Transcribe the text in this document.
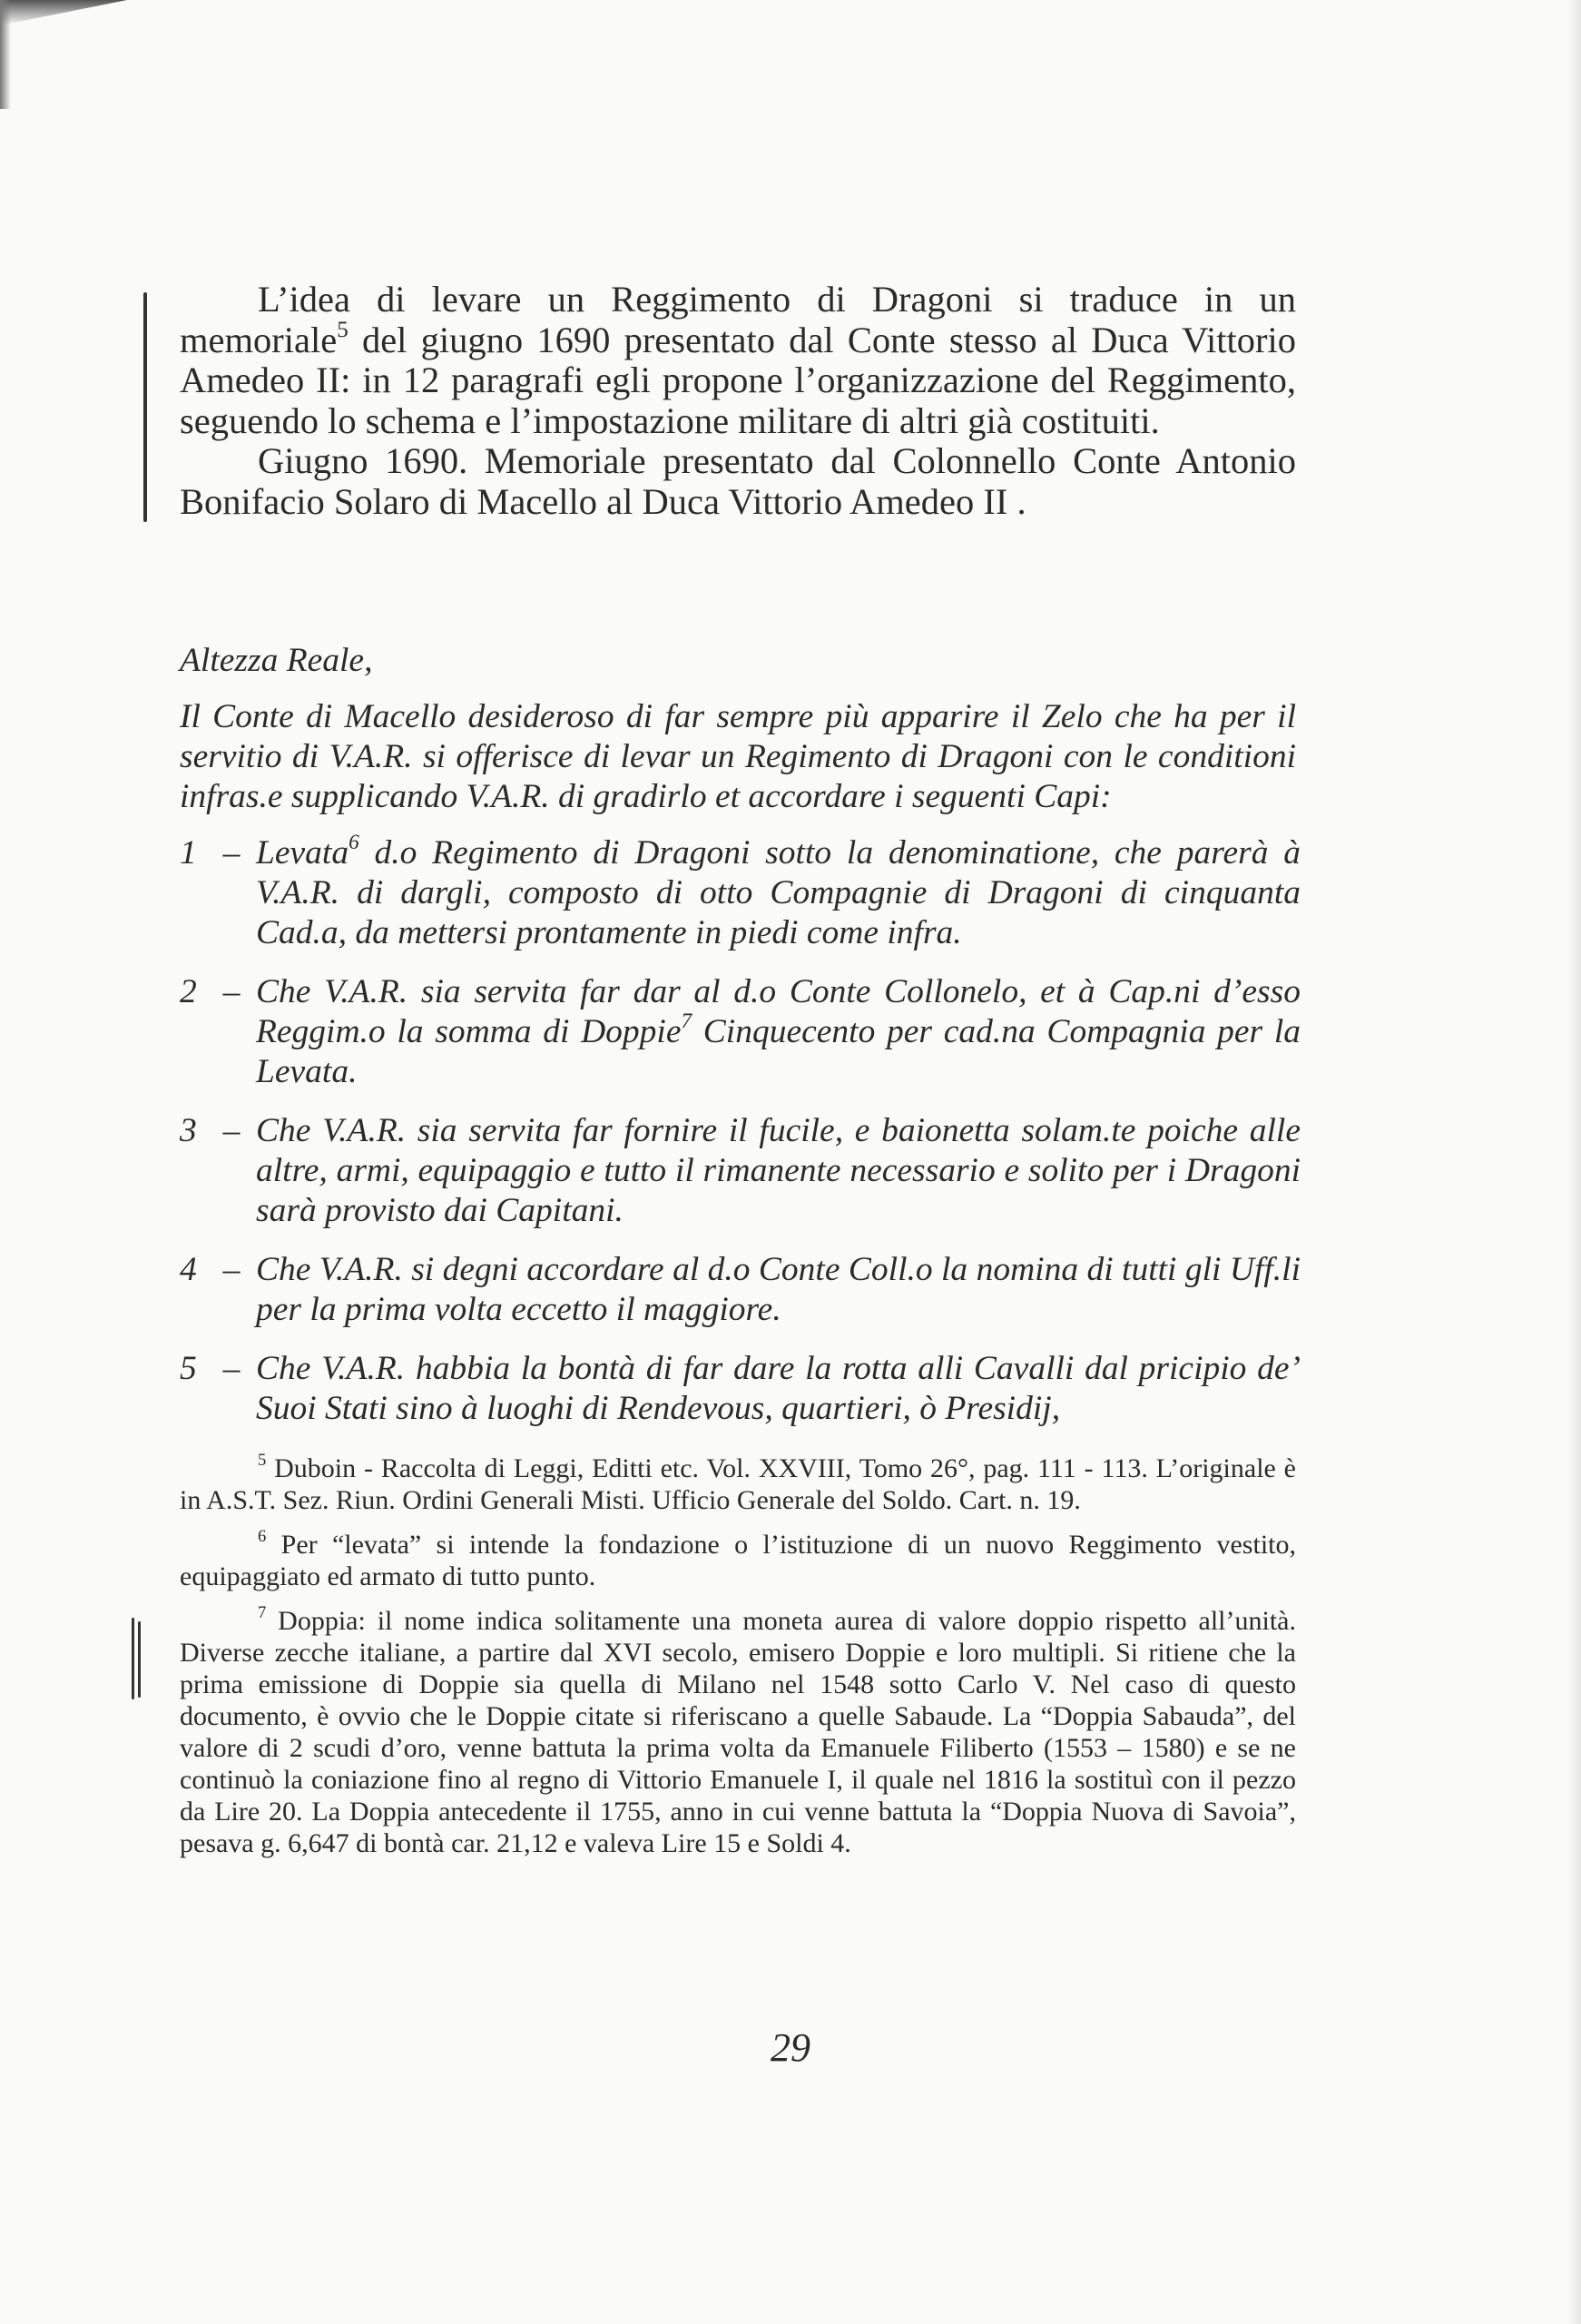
L’idea di levare un Reggimento di Dragoni si traduce in un memoriale$^5$ del giugno 1690 presentato dal Conte stesso al Duca Vittorio Amedeo II: in 12 paragrafi egli propone l’organizzazione del Reggimento, seguendo lo schema e l’impostazione militare di altri già costituiti.

Giugno 1690. Memoriale presentato dal Colonnello Conte Antonio Bonifacio Solaro di Macello al Duca Vittorio Amedeo II .

Altezza Reale,
Il Conte di Macello desideroso di far sempre più apparire il Zelo che ha per il servitio di V.A.R. si offerisce di levar un Regimento di Dragoni con le conditioni infras.e supplicando V.A.R. di gradirlo et accordare i seguenti Capi:
1 – Levata$^6$ d.o Regimento di Dragoni sotto la denominatione, che parerà à V.A.R. di dargli, composto di otto Compagnie di Dragoni di cinquanta Cad.a, da mettersi prontamente in piedi come infra.
2 – Che V.A.R. sia servita far dar al d.o Conte Collonelo, et à Cap.ni d’esso Reggim.o la somma di Doppie$^7$ Cinquecento per cad.na Compagnia per la Levata.
3 – Che V.A.R. sia servita far fornire il fucile, e baionetta solam.te poiche alle altre, armi, equipaggio e tutto il rimanente necessario e solito per i Dragoni sarà provisto dai Capitani.
4 – Che V.A.R. si degni accordare al d.o Conte Coll.o la nomina di tutti gli Uff.li per la prima volta eccetto il maggiore.
5 – Che V.A.R. habbia la bontà di far dare la rotta alli Cavalli dal pricipio de’ Suoi Stati sino à luoghi di Rendevous, quartieri, ò Presidij,

$^5$ Duboin - Raccolta di Leggi, Editti etc. Vol. XXVIII, Tomo 26°, pag. 111 - 113. L’originale è in A.S.T. Sez. Riun. Ordini Generali Misti. Ufficio Generale del Soldo. Cart. n. 19.

$^6$ Per “levata” si intende la fondazione o l’istituzione di un nuovo Reggimento vestito, equipaggiato ed armato di tutto punto.

$^7$ Doppia: il nome indica solitamente una moneta aurea di valore doppio rispetto all’unità. Diverse zecche italiane, a partire dal XVI secolo, emisero Doppie e loro multipli. Si ritiene che la prima emissione di Doppie sia quella di Milano nel 1548 sotto Carlo V. Nel caso di questo documento, è ovvio che le Doppie citate si riferiscano a quelle Sabaude. La “Doppia Sabauda”, del valore di 2 scudi d’oro, venne battuta la prima volta da Emanuele Filiberto (1553 – 1580) e se ne continuò la coniazione fino al regno di Vittorio Emanuele I, il quale nel 1816 la sostituì con il pezzo da Lire 20. La Doppia antecedente il 1755, anno in cui venne battuta la “Doppia Nuova di Savoia”, pesava g. 6,647 di bontà car. 21,12 e valeva Lire 15 e Soldi 4.

29
